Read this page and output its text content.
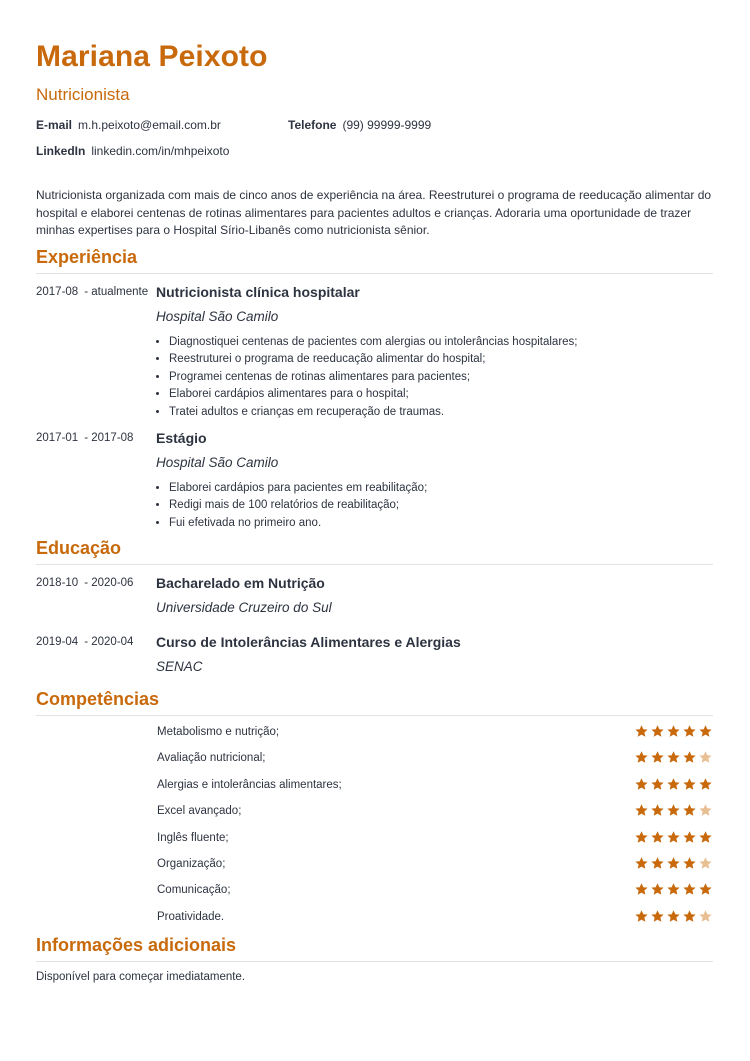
Mariana Peixoto
Nutricionista
E-mail m.h.peixoto@email.com.br	Telefone (99) 99999-9999
LinkedIn linkedin.com/in/mhpeixoto
Nutricionista organizada com mais de cinco anos de experiência na área. Reestruturei o programa de reeducação alimentar do hospital e elaborei centenas de rotinas alimentares para pacientes adultos e crianças. Adoraria uma oportunidade de trazer minhas expertises para o Hospital Sírio-Libanês como nutricionista sênior.
Experiência
2017-08 - atualmente Nutricionista clínica hospitalar
Hospital São Camilo
• Diagnostiquei centenas de pacientes com alergias ou intolerâncias hospitalares;
• Reestruturei o programa de reeducação alimentar do hospital;
• Programei centenas de rotinas alimentares para pacientes;
• Elaborei cardápios alimentares para o hospital;
• Tratei adultos e crianças em recuperação de traumas.
2017-01 - 2017-08 Estágio
Hospital São Camilo
• Elaborei cardápios para pacientes em reabilitação;
• Redigi mais de 100 relatórios de reabilitação;
• Fui efetivada no primeiro ano.
Educação
2018-10 - 2020-06 Bacharelado em Nutrição
Universidade Cruzeiro do Sul
2019-04 - 2020-04 Curso de Intolerâncias Alimentares e Alergias
SENAC
Competências
Metabolismo e nutrição;
Avaliação nutricional;
Alergias e intolerâncias alimentares;
Excel avançado;
Inglês fluente;
Organização;
Comunicação;
Proatividade.
Informações adicionais
Disponível para começar imediatamente.
